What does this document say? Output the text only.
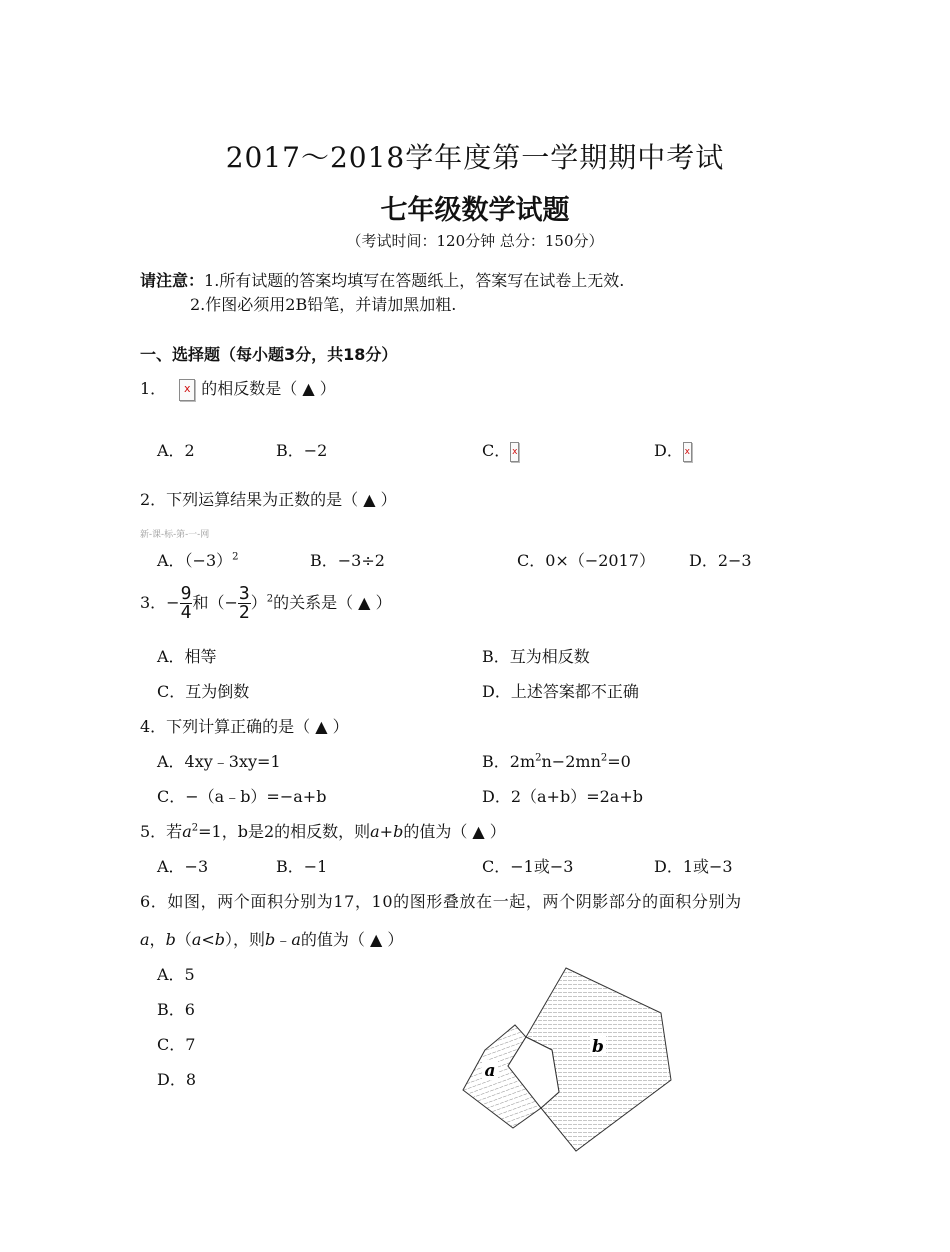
2017～2018学年度第一学期期中考试
七年级数学试题
（考试时间：120分钟 总分：150分）
请注意：1.所有试题的答案均填写在答题纸上，答案写在试卷上无效.
2.作图必须用2B铅笔，并请加黑加粗.
一、选择题（每小题3分，共18分）
1．	x 的相反数是（ ▲ ）
A．2	B．−2	C． x	D． x
2．下列运算结果为正数的是（ ▲ ）
新-课-标-第-一-网
A．$(-3)^2$	B．−3÷2	C．0×（−2017） D．2−3
3．− $\frac{9}{4}$ 和（− $\frac{3}{2} )^2$的关系是（ ▲ ）
A．相等	B．互为相反数
C．互为倒数	D．上述答案都不正确
4．下列计算正确的是（ ▲ ）
A．4xy﹣3xy=1	B．$2m^2n-2mn^2=0$
C．−（a﹣b）=−a+b	D．2（a+b）=2a+b
5．若$a^2=1$，b是2的相反数，则a+b的值为（ ▲ ）
A．−3	B．−1	C．−1或−3	D．1或−3
6．如图，两个面积分别为17，10的图形叠放在一起，两个阴影部分的面积分别为
a，b（a<b），则b﹣a的值为（ ▲ ）
A．5
B．6
C．7
D．8	a
b
